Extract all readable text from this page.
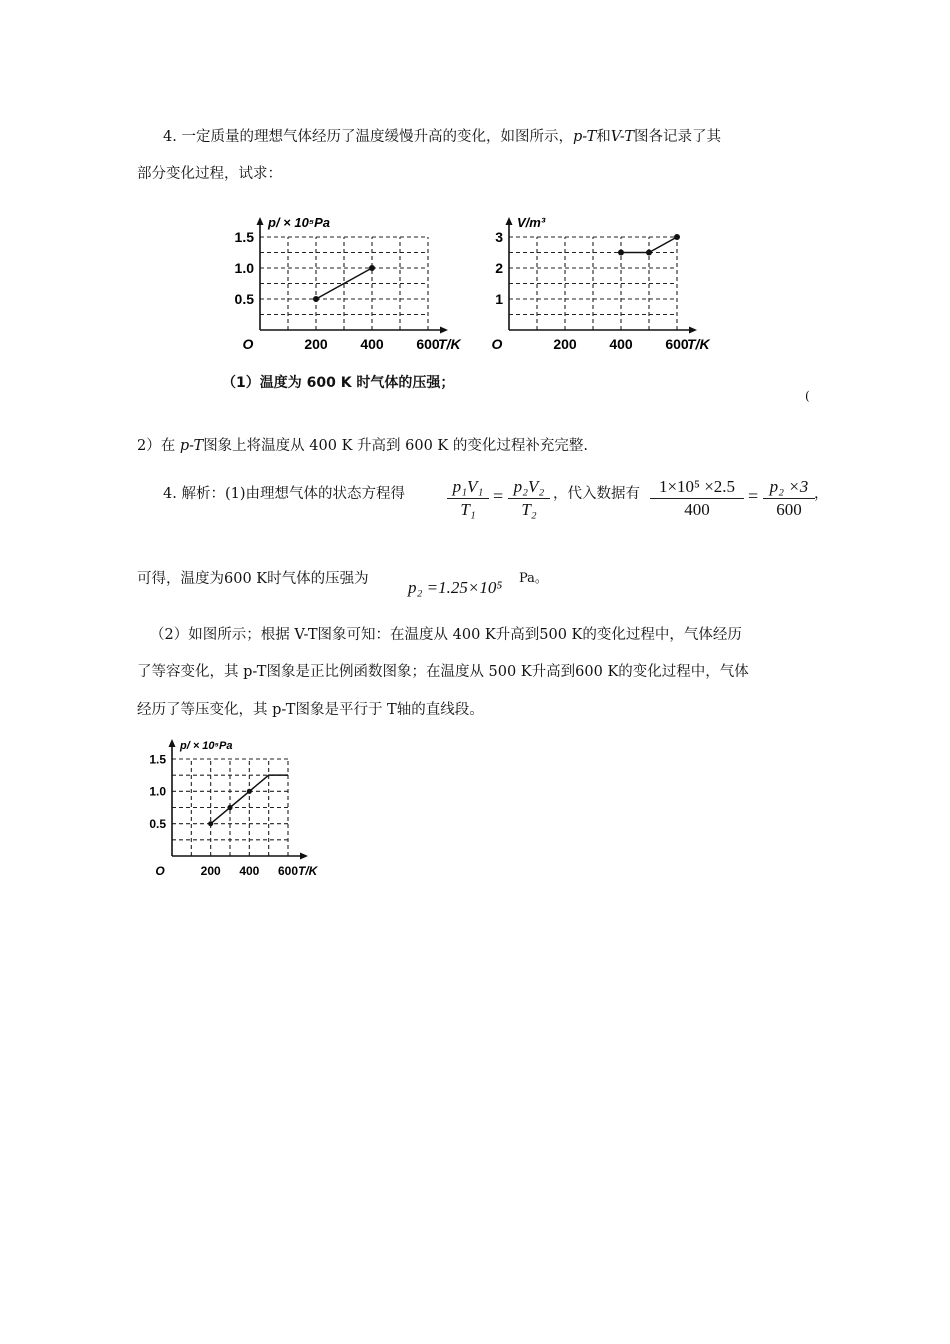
4. 一定质量的理想气体经历了温度缓慢升高的变化，如图所示，p-T和V-T图各记录了其
部分变化过程，试求：
200 400 600
0.5
1.0
1.5
O
p/ × 10⁵Pa
T/K	200 400 600
1
2
3
O
V/m³
T/K
（1）温度为 600 K 时气体的压强；
(
2）在 p-T图象上将温度从 400 K 升高到 600 K 的变化过程补充完整.
4. 解析：(1)由理想气体的状态方程得 $\frac{\text{p₁V₁}}{\text{T₁}} = \frac{\text{p₂V₂}}{\text{T₂}}$ ，代入数据有 $\frac{\text{1×10⁵ ×2.5}}{400} = \frac{\text{p₂ ×3}}{600}$ ，
可得，温度为600 K时气体的压强为 p₂ =1.25×10⁵ Pa。
（2）如图所示；根据 V-T图象可知：在温度从 400 K升高到500 K的变化过程中，气体经历
了等容变化，其 p-T图象是正比例函数图象；在温度从 500 K升高到600 K的变化过程中，气体
经历了等压变化，其 p-T图象是平行于 T轴的直线段。
200 400 600
0.5
1.0
1.5
O
p/ × 10⁵Pa
T/K
